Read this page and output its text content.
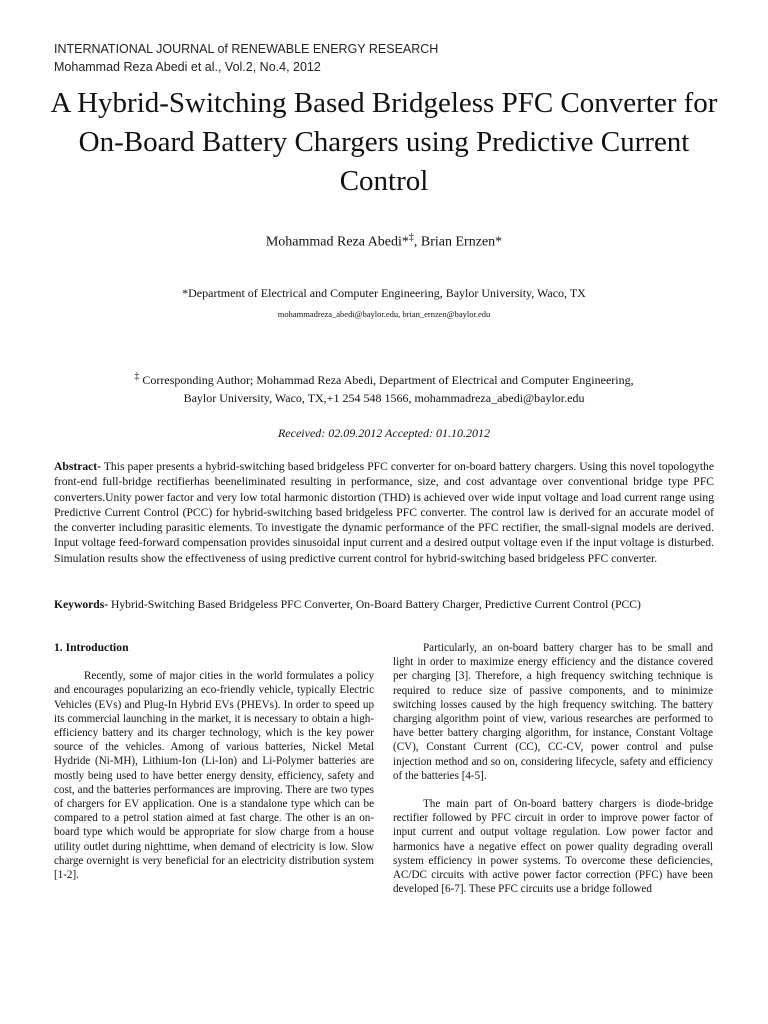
INTERNATIONAL JOURNAL of RENEWABLE ENERGY RESEARCH
Mohammad Reza Abedi et al., Vol.2, No.4, 2012
A Hybrid-Switching Based Bridgeless PFC Converter for On-Board Battery Chargers using Predictive Current Control
Mohammad Reza Abedi*‡, Brian Ernzen*
*Department of Electrical and Computer Engineering, Baylor University, Waco, TX
mohammadreza_abedi@baylor.edu, brian_ernzen@baylor.edu
‡ Corresponding Author; Mohammad Reza Abedi, Department of Electrical and Computer Engineering,
Baylor University, Waco, TX,+1 254 548 1566, mohammadreza_abedi@baylor.edu
Received: 02.09.2012 Accepted: 01.10.2012
Abstract- This paper presents a hybrid-switching based bridgeless PFC converter for on-board battery chargers. Using this novel topologythe front-end full-bridge rectifierhas beeneliminated resulting in performance, size, and cost advantage over conventional bridge type PFC converters.Unity power factor and very low total harmonic distortion (THD) is achieved over wide input voltage and load current range using Predictive Current Control (PCC) for hybrid-switching based bridgeless PFC converter. The control law is derived for an accurate model of the converter including parasitic elements. To investigate the dynamic performance of the PFC rectifier, the small-signal models are derived. Input voltage feed-forward compensation provides sinusoidal input current and a desired output voltage even if the input voltage is disturbed. Simulation results show the effectiveness of using predictive current control for hybrid-switching based bridgeless PFC converter.
Keywords- Hybrid-Switching Based Bridgeless PFC Converter, On-Board Battery Charger, Predictive Current Control (PCC)
1. Introduction

Recently, some of major cities in the world formulates a policy and encourages popularizing an eco-friendly vehicle, typically Electric Vehicles (EVs) and Plug-In Hybrid EVs (PHEVs). In order to speed up its commercial launching in the market, it is necessary to obtain a high-efficiency battery and its charger technology, which is the key power source of the vehicles. Among of various batteries, Nickel Metal Hydride (Ni-MH), Lithium-Ion (Li-Ion) and Li-Polymer batteries are mostly being used to have better energy density, efficiency, safety and cost, and the batteries performances are improving. There are two types of chargers for EV application. One is a standalone type which can be compared to a petrol station aimed at fast charge. The other is an on-board type which would be appropriate for slow charge from a house utility outlet during nighttime, when demand of electricity is low. Slow charge overnight is very beneficial for an electricity distribution system [1-2].

Particularly, an on-board battery charger has to be small and light in order to maximize energy efficiency and the distance covered per charging [3]. Therefore, a high frequency switching technique is required to reduce size of passive components, and to minimize switching losses caused by the high frequency switching. The battery charging algorithm point of view, various researches are performed to have better battery charging algorithm, for instance, Constant Voltage (CV), Constant Current (CC), CC-CV, power control and pulse injection method and so on, considering lifecycle, safety and efficiency of the batteries [4-5].

The main part of On-board battery chargers is diode-bridge rectifier followed by PFC circuit in order to improve power factor of input current and output voltage regulation. Low power factor and harmonics have a negative effect on power quality degrading overall system efficiency in power systems. To overcome these deficiencies, AC/DC circuits with active power factor correction (PFC) have been developed [6-7]. These PFC circuits use a bridge followed
